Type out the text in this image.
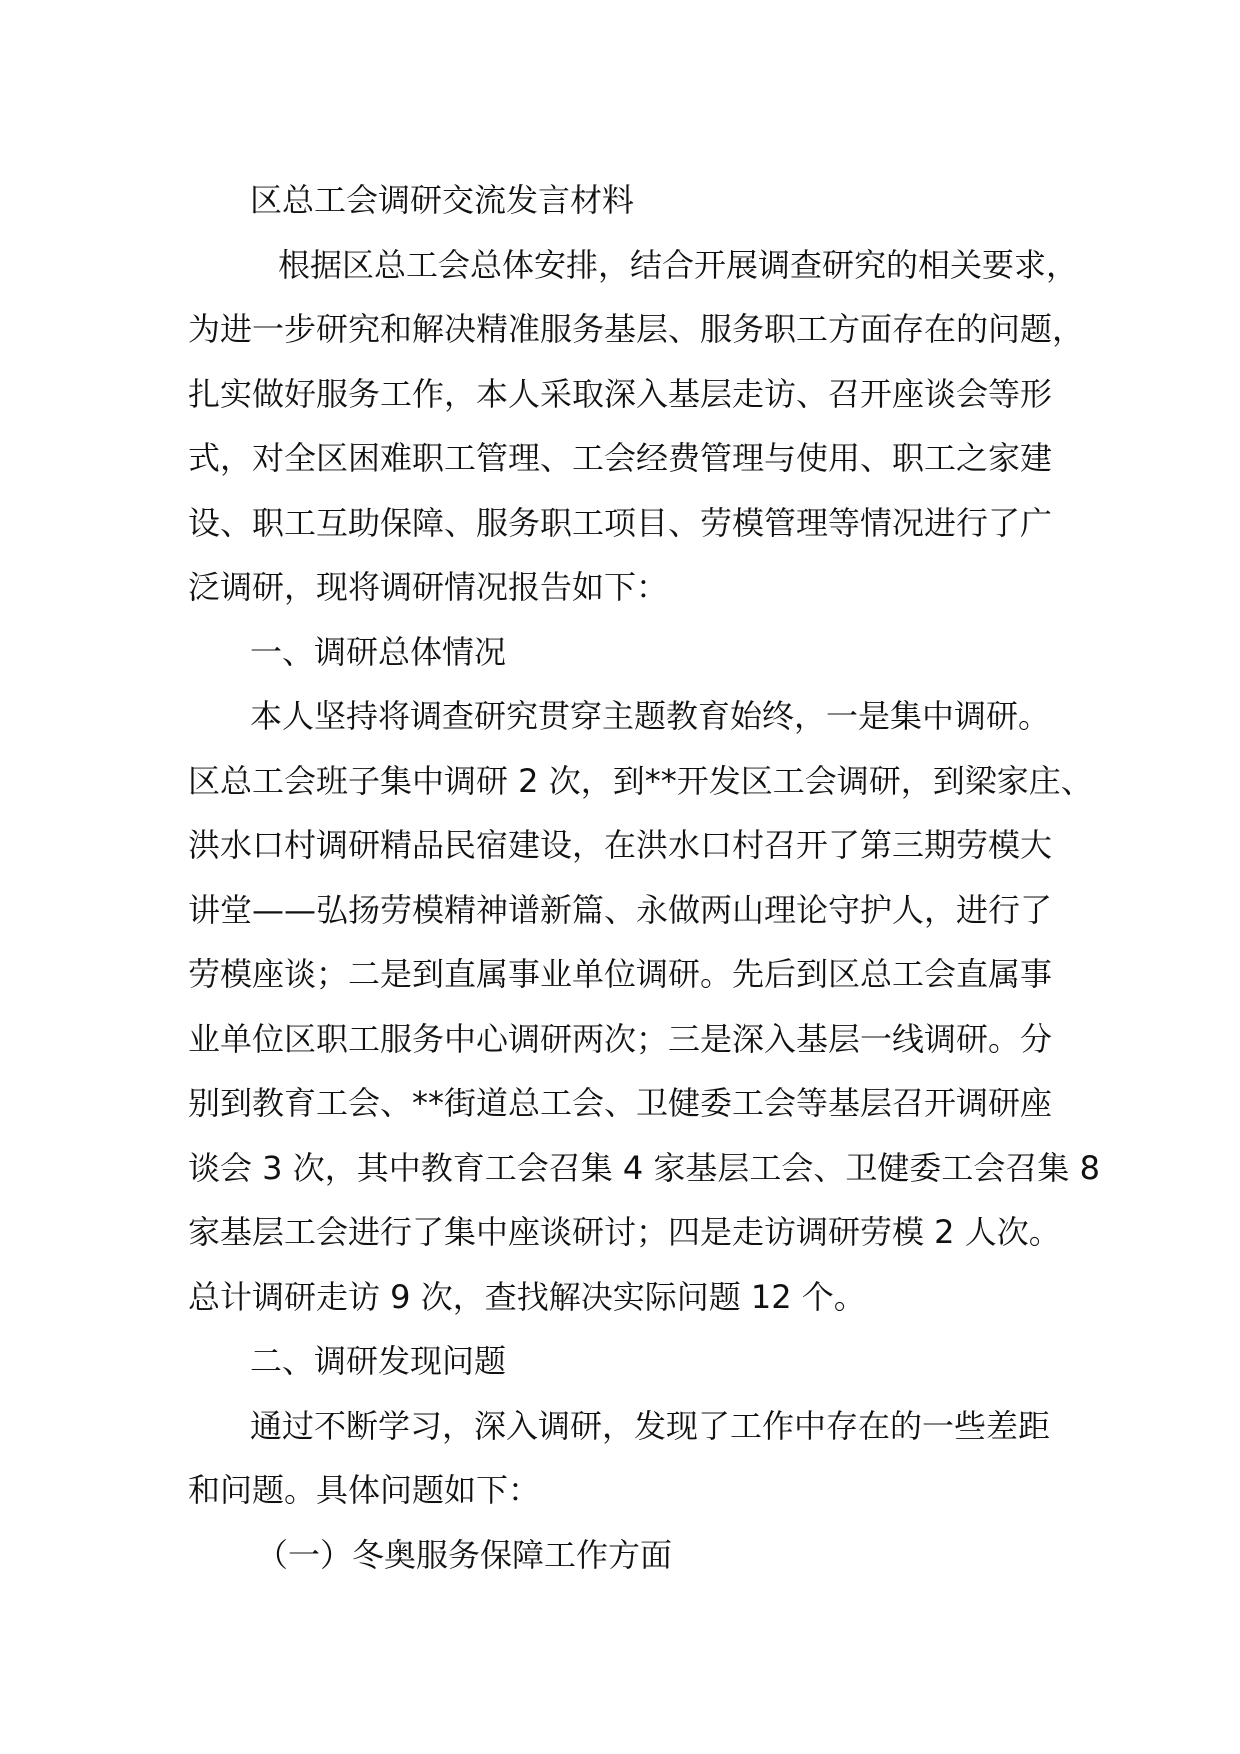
区总工会调研交流发言材料
根据区总工会总体安排，结合开展调查研究的相关要求，
为进一步研究和解决精准服务基层、服务职工方面存在的问题，
扎实做好服务工作，本人采取深入基层走访、召开座谈会等形
式，对全区困难职工管理、工会经费管理与使用、职工之家建
设、职工互助保障、服务职工项目、劳模管理等情况进行了广
泛调研，现将调研情况报告如下：
一、调研总体情况
本人坚持将调查研究贯穿主题教育始终，一是集中调研。
区总工会班子集中调研 2 次，到**开发区工会调研，到梁家庄、
洪水口村调研精品民宿建设，在洪水口村召开了第三期劳模大
讲堂——弘扬劳模精神谱新篇、永做两山理论守护人，进行了
劳模座谈；二是到直属事业单位调研。先后到区总工会直属事
业单位区职工服务中心调研两次；三是深入基层一线调研。分
别到教育工会、**街道总工会、卫健委工会等基层召开调研座
谈会 3 次，其中教育工会召集 4 家基层工会、卫健委工会召集 8
家基层工会进行了集中座谈研讨；四是走访调研劳模 2 人次。
总计调研走访 9 次，查找解决实际问题 12 个。
二、调研发现问题
通过不断学习，深入调研，发现了工作中存在的一些差距
和问题。具体问题如下：
（一）冬奥服务保障工作方面
